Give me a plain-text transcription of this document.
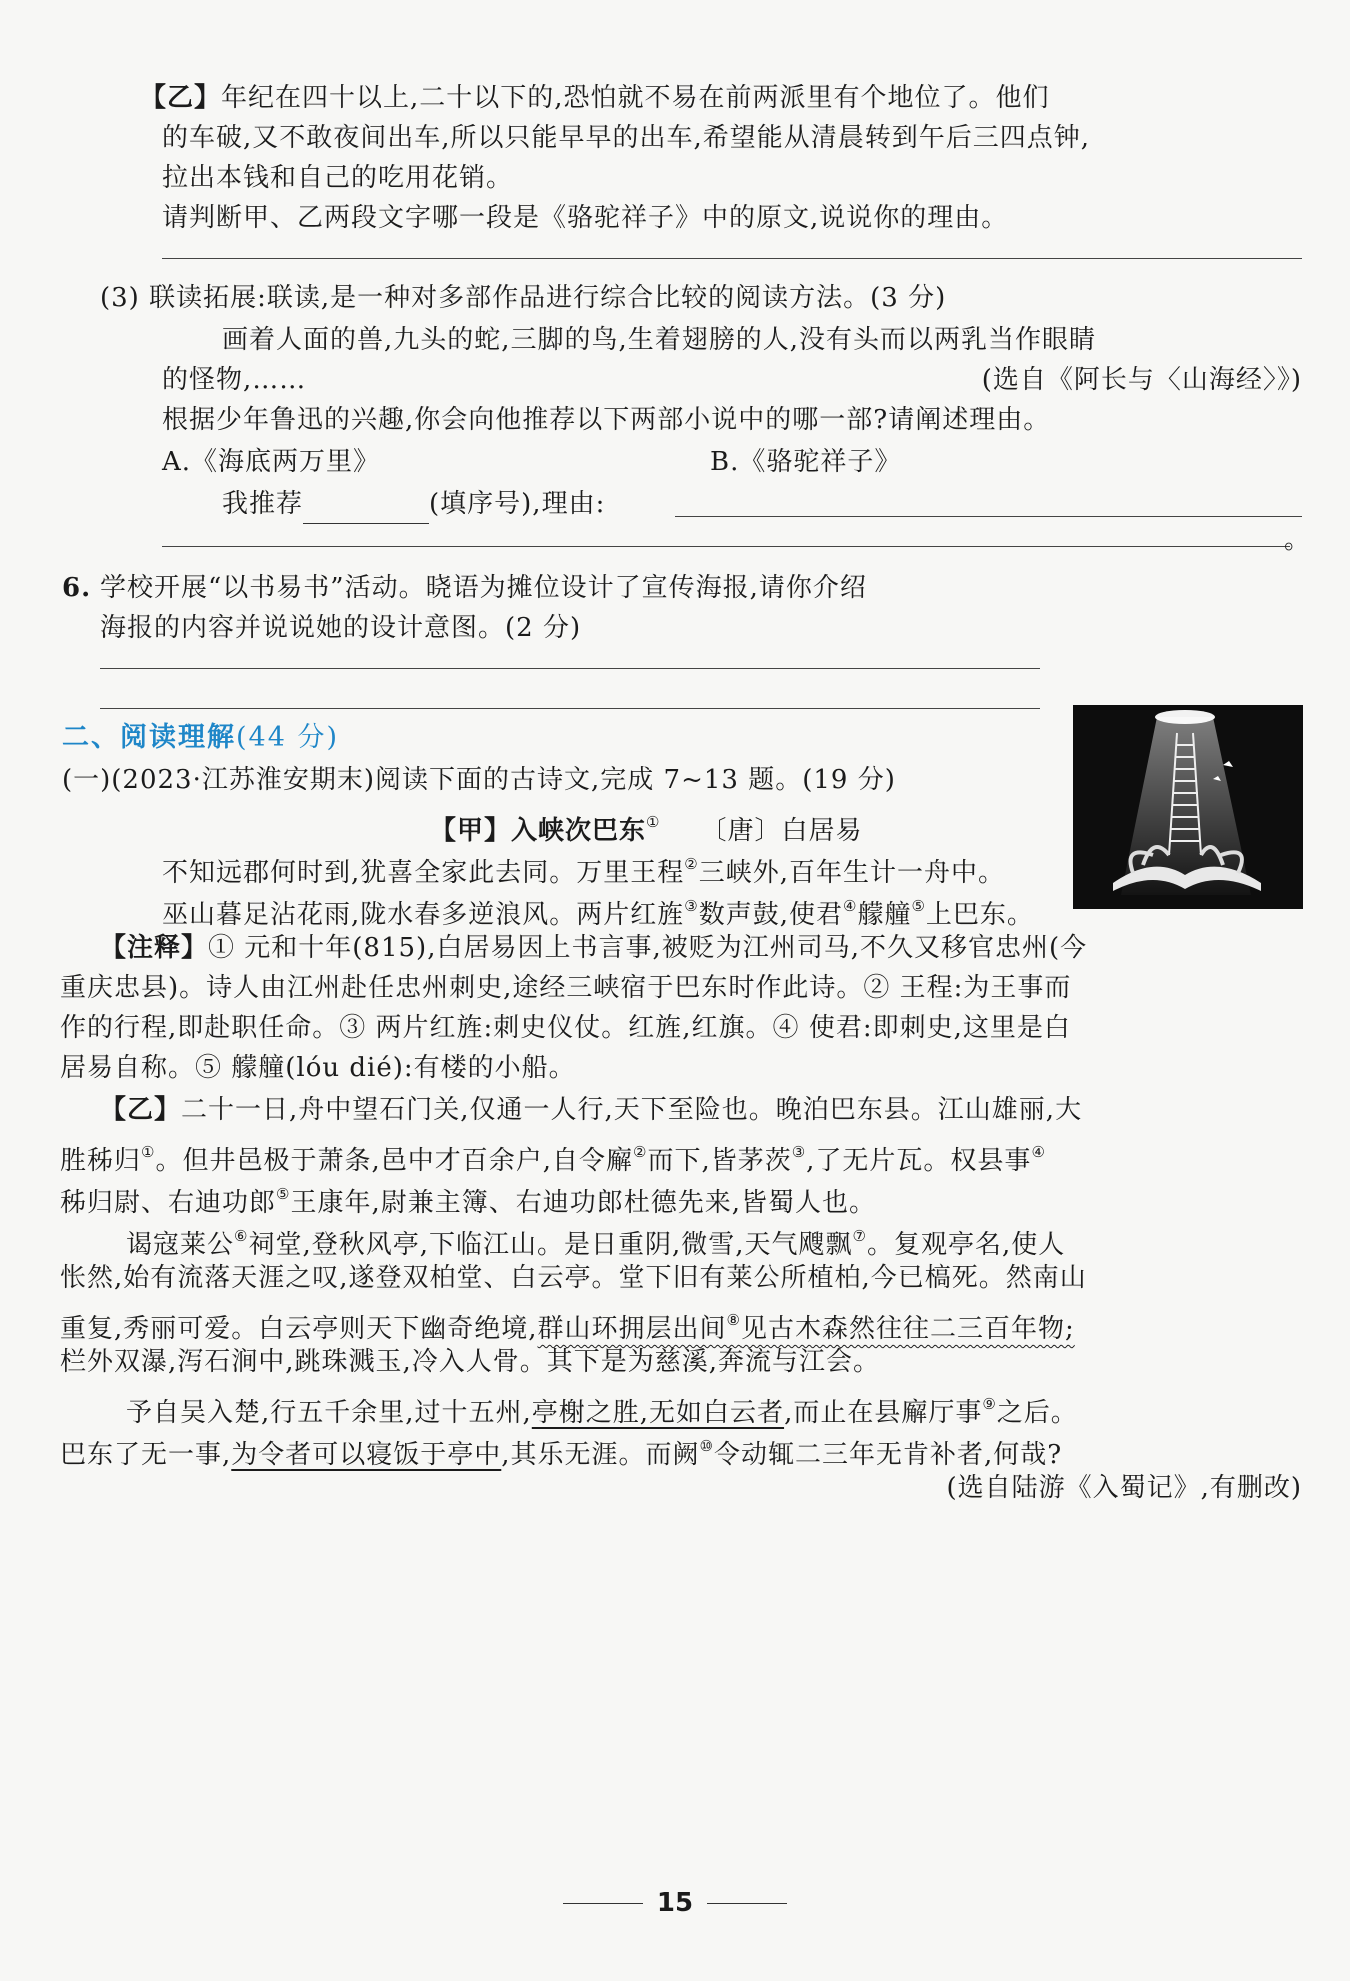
【乙】年纪在四十以上,二十以下的,恐怕就不易在前两派里有个地位了。他们
的车破,又不敢夜间出车,所以只能早早的出车,希望能从清晨转到午后三四点钟,
拉出本钱和自己的吃用花销。
请判断甲、乙两段文字哪一段是《骆驼祥子》中的原文,说说你的理由。
(3) 联读拓展:联读,是一种对多部作品进行综合比较的阅读方法。(3 分)
画着人面的兽,九头的蛇,三脚的鸟,生着翅膀的人,没有头而以两乳当作眼睛
的怪物,……	(选自《阿长与〈山海经〉》)
根据少年鲁迅的兴趣,你会向他推荐以下两部小说中的哪一部?请阐述理由。
A.《海底两万里》	B.《骆驼祥子》
我推荐	(填序号),理由:
。
6. 学校开展“以书易书”活动。晓语为摊位设计了宣传海报,请你介绍
海报的内容并说说她的设计意图。(2 分)
二、阅读理解(44 分)
(一)(2023·江苏淮安期末)阅读下面的古诗文,完成 7~13 题。(19 分)
【甲】入峡次巴东① 〔唐〕白居易
不知远郡何时到,犹喜全家此去同。万里王程②三峡外,百年生计一舟中。
巫山暮足沾花雨,陇水春多逆浪风。两片红旌③数声鼓,使君④艨艟⑤上巴东。
【注释】① 元和十年(815),白居易因上书言事,被贬为江州司马,不久又移官忠州(今
重庆忠县)。诗人由江州赴任忠州刺史,途经三峡宿于巴东时作此诗。② 王程:为王事而
作的行程,即赴职任命。③ 两片红旌:刺史仪仗。红旌,红旗。④ 使君:即刺史,这里是白
居易自称。⑤ 艨艟(lóu dié):有楼的小船。
【乙】二十一日,舟中望石门关,仅通一人行,天下至险也。晚泊巴东县。江山雄丽,大
胜秭归①。但井邑极于萧条,邑中才百余户,自令廨②而下,皆茅茨③,了无片瓦。权县事④
秭归尉、右迪功郎⑤王康年,尉兼主簿、右迪功郎杜德先来,皆蜀人也。
谒寇莱公⑥祠堂,登秋风亭,下临江山。是日重阴,微雪,天气飕飘⑦。复观亭名,使人
怅然,始有流落天涯之叹,遂登双柏堂、白云亭。堂下旧有莱公所植柏,今已槁死。然南山
重复,秀丽可爱。白云亭则天下幽奇绝境,群山环拥层出间⑧见古木森然往往二三百年物;
栏外双瀑,泻石涧中,跳珠溅玉,冷入人骨。其下是为慈溪,奔流与江会。
予自吴入楚,行五千余里,过十五州,亭榭之胜,无如白云者,而止在县廨厅事⑨之后。
巴东了无一事,为令者可以寝饭于亭中,其乐无涯。而阙⑩令动辄二三年无肯补者,何哉?
(选自陆游《入蜀记》,有删改)
15
